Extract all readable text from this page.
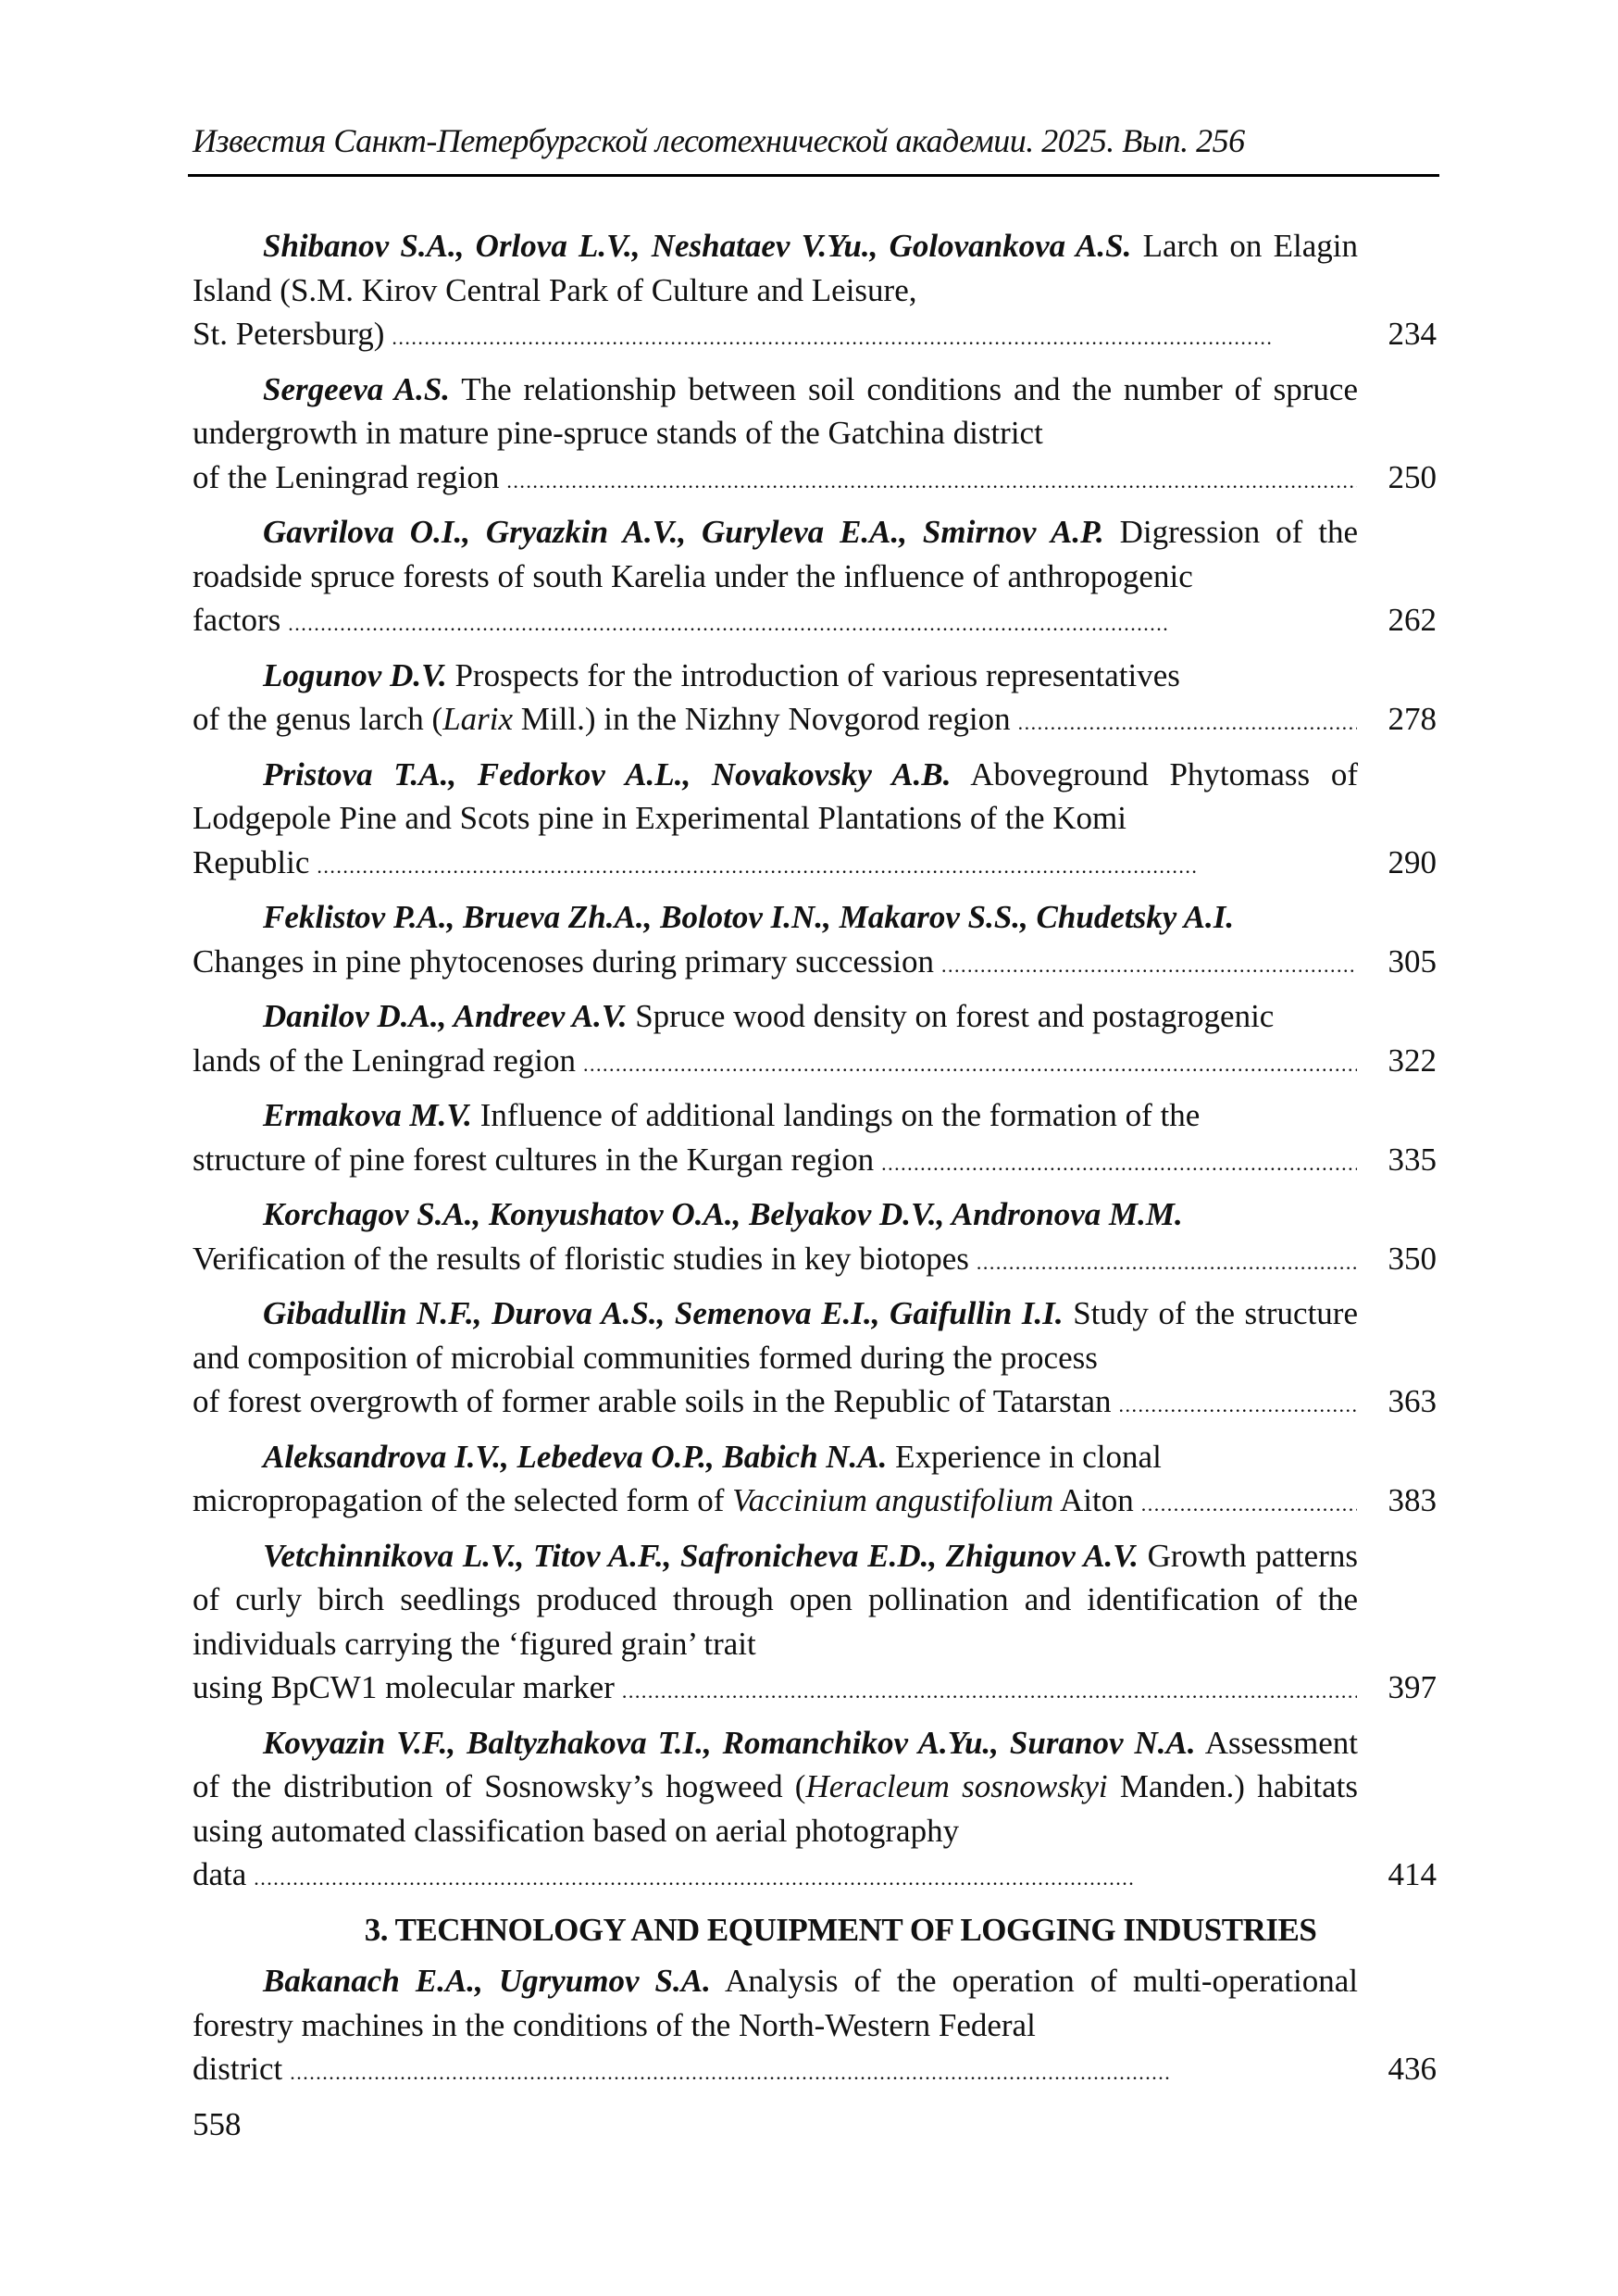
Известия Санкт-Петербургской лесотехнической академии. 2025. Вып. 256
Shibanov S.A., Orlova L.V., Neshataev V.Yu., Golovankova A.S. Larch on Elagin Island (S.M. Kirov Central Park of Culture and Leisure,
St. Petersburg) . . .	234
Sergeeva A.S. The relationship between soil conditions and the number of spruce undergrowth in mature pine-spruce stands of the Gatchina district
of the Leningrad region . . .	250
Gavrilova O.I., Gryazkin A.V., Guryleva E.A., Smirnov A.P. Digression of the roadside spruce forests of south Karelia under the influence of anthropogenic
factors . . .	262
Logunov D.V. Prospects for the introduction of various representatives
of the genus larch (Larix Mill.) in the Nizhny Novgorod region . . .	278
Pristova T.A., Fedorkov A.L., Novakovsky A.B. Aboveground Phytomass of Lodgepole Pine and Scots pine in Experimental Plantations of the Komi
Republic . . .	290
Feklistov P.A., Brueva Zh.A., Bolotov I.N., Makarov S.S., Chudetsky A.I.
Changes in pine phytocenoses during primary succession . . .	305
Danilov D.A., Andreev A.V. Spruce wood density on forest and postagrogenic
lands of the Leningrad region . . .	322
Ermakova M.V. Influence of additional landings on the formation of the
structure of pine forest cultures in the Kurgan region . . .	335
Korchagov S.A., Konyushatov O.A., Belyakov D.V., Andronova M.M.
Verification of the results of floristic studies in key biotopes . . .	350
Gibadullin N.F., Durova A.S., Semenova E.I., Gaifullin I.I. Study of the structure and composition of microbial communities formed during the process
of forest overgrowth of former arable soils in the Republic of Tatarstan . . .	363
Aleksandrova I.V., Lebedeva O.P., Babich N.A. Experience in clonal
micropropagation of the selected form of Vaccinium angustifolium Aiton . . .	383
Vetchinnikova L.V., Titov A.F., Safronicheva E.D., Zhigunov A.V. Growth patterns of curly birch seedlings produced through open pollination and identification of the individuals carrying the ‘figured grain’ trait
using BpCW1 molecular marker . . .	397
Kovyazin V.F., Baltyzhakova T.I., Romanchikov A.Yu., Suranov N.A. Assessment of the distribution of Sosnowsky’s hogweed (Heracleum sosnowskyi Manden.) habitats using automated classification based on aerial photography
data . . .	414
3. TECHNOLOGY AND EQUIPMENT OF LOGGING INDUSTRIES
Bakanach E.A., Ugryumov S.A. Analysis of the operation of multi-operational forestry machines in the conditions of the North-Western Federal
district . . .	436
558
